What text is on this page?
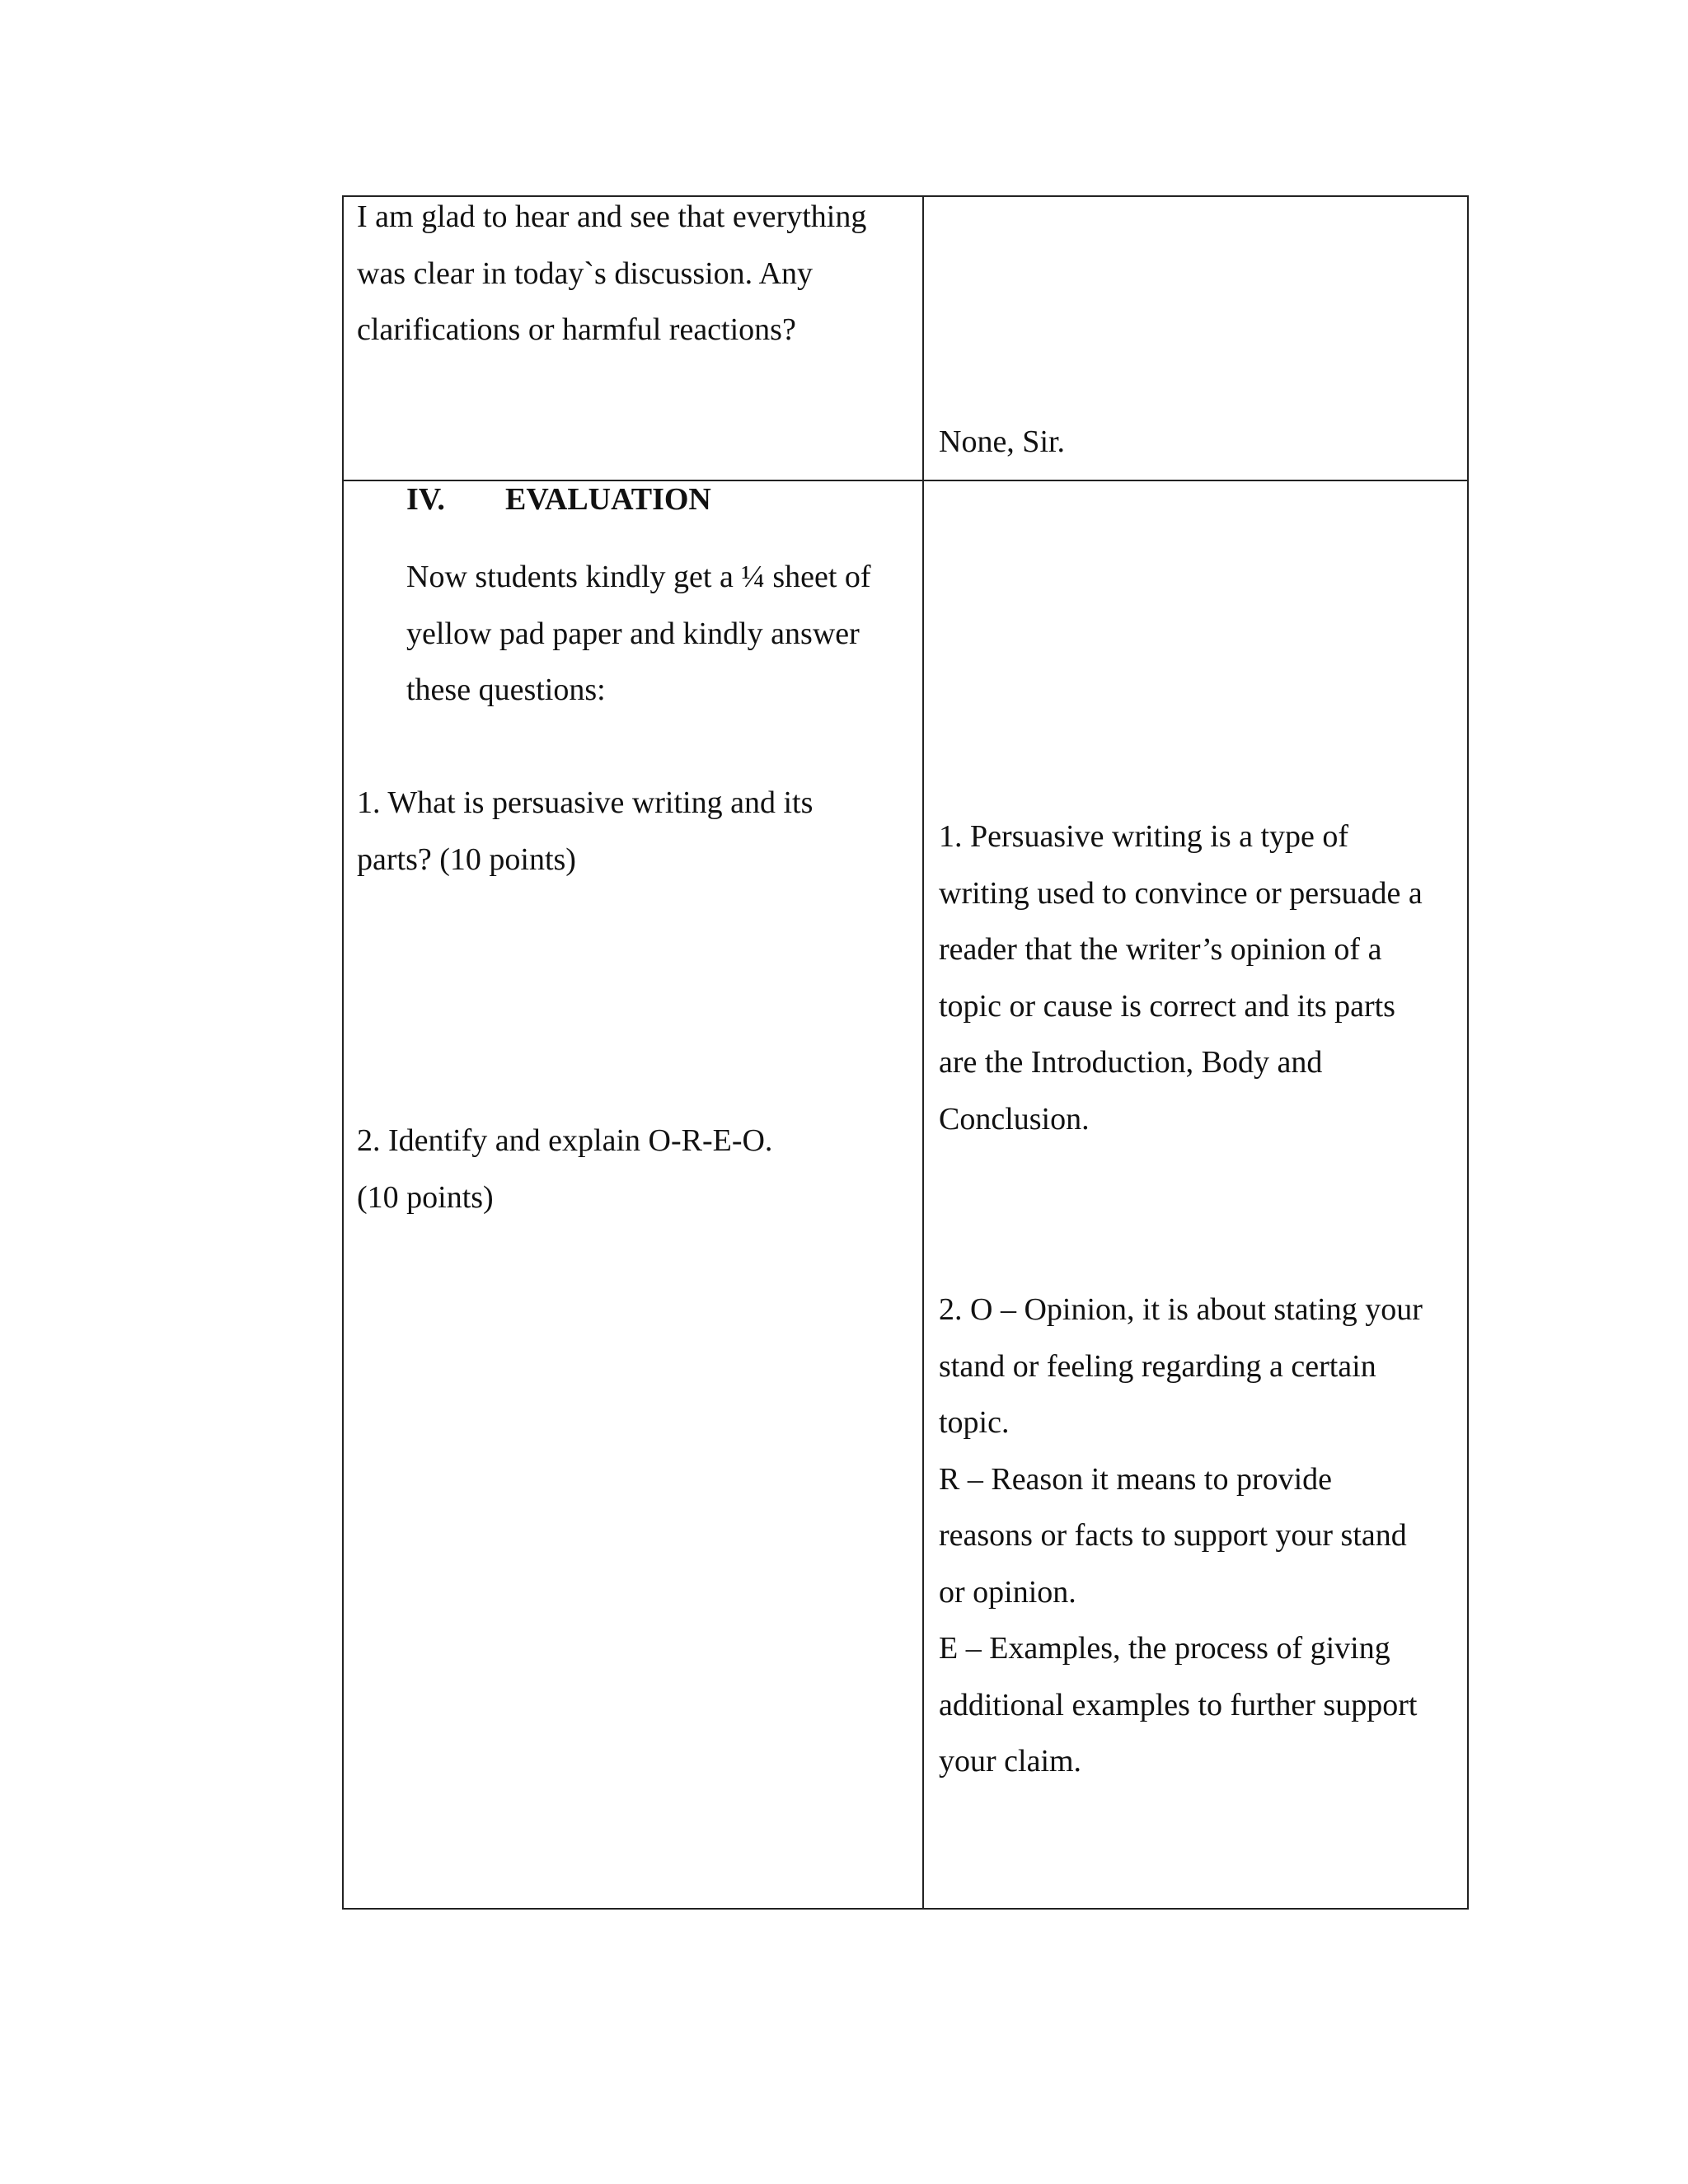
I am glad to hear and see that everything
was clear in today`s discussion. Any
clarifications or harmful reactions?
None, Sir.
IV. EVALUATION
Now students kindly get a ¼ sheet of
yellow pad paper and kindly answer
these questions:
1. What is persuasive writing and its
parts? (10 points)
2. Identify and explain O-R-E-O.
(10 points)
1. Persuasive writing is a type of
writing used to convince or persuade a
reader that the writer’s opinion of a
topic or cause is correct and its parts
are the Introduction, Body and
Conclusion.
2. O – Opinion, it is about stating your
stand or feeling regarding a certain
topic.
R – Reason it means to provide
reasons or facts to support your stand
or opinion.
E – Examples, the process of giving
additional examples to further support
your claim.
